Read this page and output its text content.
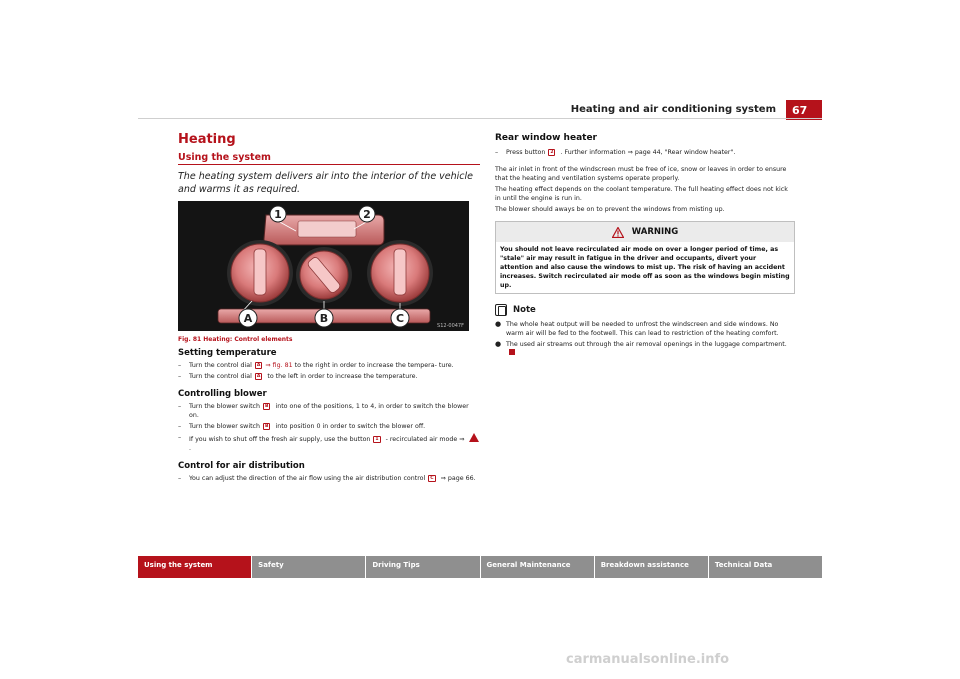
Heating and air conditioning system	67
Heating
Using the system

The heating system delivers air into the interior of the vehicle and warms it as required.

1	2
A	B	C
S12-0047F
Fig. 81 Heating: Control elements
Setting temperature
–	Turn the control dial A ⇒ fig. 81 to the right in order to increase the tempera- ture.
–	Turn the control dial A to the left in order to increase the temperature.
Controlling blower
–	Turn the blower switch B into one of the positions, 1 to 4, in order to switch the blower on.
–	Turn the blower switch B into position 0 in order to switch the blower off.
–	If you wish to shut off the fresh air supply, use the button 1 - recirculated air mode ⇒ .
Control for air distribution
–	You can adjust the direction of the air flow using the air distribution control C ⇒ page 66.
Rear window heater
–	Press button 2 . Further information ⇒ page 44, "Rear window heater".

The air inlet in front of the windscreen must be free of ice, snow or leaves in order to ensure that the heating and ventilation systems operate properly.

The heating effect depends on the coolant temperature. The full heating effect does not kick in until the engine is run in.

The blower should aways be on to prevent the windows from misting up.

WARNING
You should not leave recirculated air mode on over a longer period of time, as "stale" air may result in fatigue in the driver and occupants, divert your attention and also cause the windows to mist up. The risk of having an accident increases. Switch recirculated air mode off as soon as the windows begin misting up.
Note
● The whole heat output will be needed to unfrost the windscreen and side windows. No warm air will be fed to the footwell. This can lead to restriction of the heating comfort.
● The used air streams out through the air removal openings in the luggage compartment.
Using the system	Safety	Driving Tips	General Maintenance	Breakdown assistance	Technical Data
carmanualsonline.info
